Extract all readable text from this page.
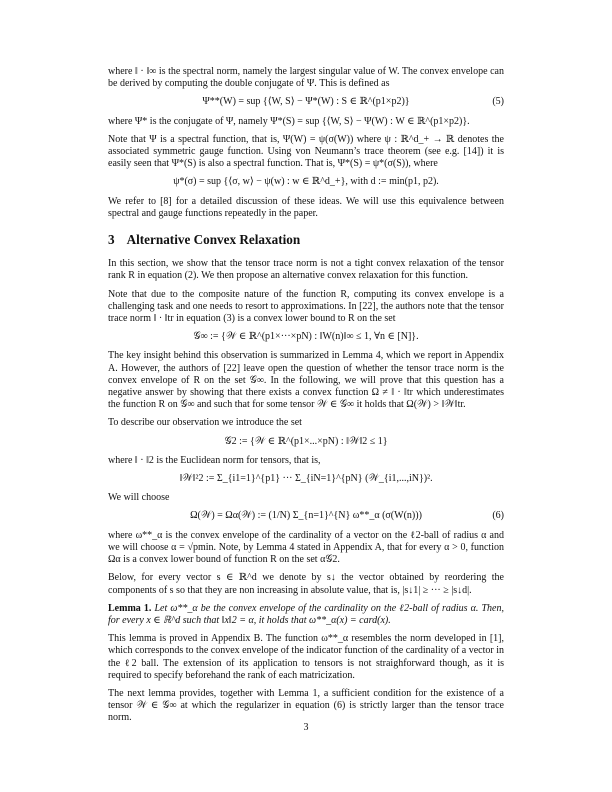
where ‖ · ‖∞ is the spectral norm, namely the largest singular value of W. The convex envelope can be derived by computing the double conjugate of Ψ. This is defined as

Ψ**(W) = sup {⟨W, S⟩ − Ψ*(W) : S ∈ ℝ^(p1×p2)}	(5)

where Ψ* is the conjugate of Ψ, namely Ψ*(S) = sup {⟨W, S⟩ − Ψ(W) : W ∈ ℝ^(p1×p2)}.

Note that Ψ is a spectral function, that is, Ψ(W) = ψ(σ(W)) where ψ : ℝ^d_+ → ℝ denotes the associated symmetric gauge function. Using von Neumann’s trace theorem (see e.g. [14]) it is easily seen that Ψ*(S) is also a spectral function. That is, Ψ*(S) = ψ*(σ(S)), where

ψ*(σ) = sup {⟨σ, w⟩ − ψ(w) : w ∈ ℝ^d_+}, with d := min(p1, p2).

We refer to [8] for a detailed discussion of these ideas. We will use this equivalence between spectral and gauge functions repeatedly in the paper.

3 Alternative Convex Relaxation

In this section, we show that the tensor trace norm is not a tight convex relaxation of the tensor rank R in equation (2). We then propose an alternative convex relaxation for this function.

Note that due to the composite nature of the function R, computing its convex envelope is a challenging task and one needs to resort to approximations. In [22], the authors note that the tensor trace norm ‖ · ‖tr in equation (3) is a convex lower bound to R on the set

𝒢∞ := {𝒲 ∈ ℝ^(p1×···×pN) : ‖W(n)‖∞ ≤ 1, ∀n ∈ [N]}.

The key insight behind this observation is summarized in Lemma 4, which we report in Appendix A. However, the authors of [22] leave open the question of whether the tensor trace norm is the convex envelope of R on the set 𝒢∞. In the following, we will prove that this question has a negative answer by showing that there exists a convex function Ω ≠ ‖ · ‖tr which underestimates the function R on 𝒢∞ and such that for some tensor 𝒲 ∈ 𝒢∞ it holds that Ω(𝒲) > ‖𝒲‖tr.

To describe our observation we introduce the set

𝒢2 := {𝒲 ∈ ℝ^(p1×...×pN) : ‖𝒲‖2 ≤ 1}

where ‖ · ‖2 is the Euclidean norm for tensors, that is,

‖𝒲‖²2 := Σ_{i1=1}^{p1} ··· Σ_{iN=1}^{pN} (𝒲_{i1,...,iN})².

We will choose

Ω(𝒲) = Ωα(𝒲) := (1/N) Σ_{n=1}^{N} ω**_α (σ(W(n)))	(6)

where ω**_α is the convex envelope of the cardinality of a vector on the ℓ2-ball of radius α and we will choose α = √pmin. Note, by Lemma 4 stated in Appendix A, that for every α > 0, function Ωα is a convex lower bound of function R on the set α𝒢2.

Below, for every vector s ∈ ℝ^d we denote by s↓ the vector obtained by reordering the components of s so that they are non increasing in absolute value, that is, |s↓1| ≥ ··· ≥ |s↓d|.

Lemma 1. Let ω**_α be the convex envelope of the cardinality on the ℓ2-ball of radius α. Then, for every x ∈ ℝ^d such that ‖x‖2 = α, it holds that ω**_α(x) = card(x).

This lemma is proved in Appendix B. The function ω**_α resembles the norm developed in [1], which corresponds to the convex envelope of the indicator function of the cardinality of a vector in the ℓ2 ball. The extension of its application to tensors is not straighforward though, as it is required to specify beforehand the rank of each matricization.

The next lemma provides, together with Lemma 1, a sufficient condition for the existence of a tensor 𝒲 ∈ 𝒢∞ at which the regularizer in equation (6) is strictly larger than the tensor trace norm.

3
